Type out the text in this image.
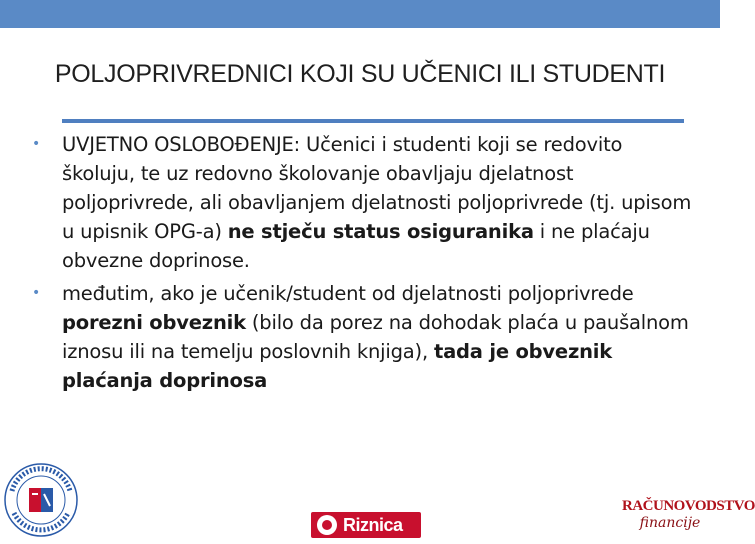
POLJOPRIVREDNICI KOJI SU UČENICI ILI STUDENTI
•	UVJETNO OSLOBOĐENJE: Učenici i studenti koji se redovito školuju, te uz redovno školovanje obavljaju djelatnost poljoprivrede, ali obavljanjem djelatnosti poljoprivrede (tj. upisom u upisnik OPG-a) ne stječu status osiguranika i ne plaćaju obvezne doprinose.
•	međutim, ako je učenik/student od djelatnosti poljoprivrede porezni obveznik (bilo da porez na dohodak plaća u paušalnom iznosu ili na temelju poslovnih knjiga), tada je obveznik plaćanja doprinosa
Riznica
RAČUNOVODSTVO
financije
